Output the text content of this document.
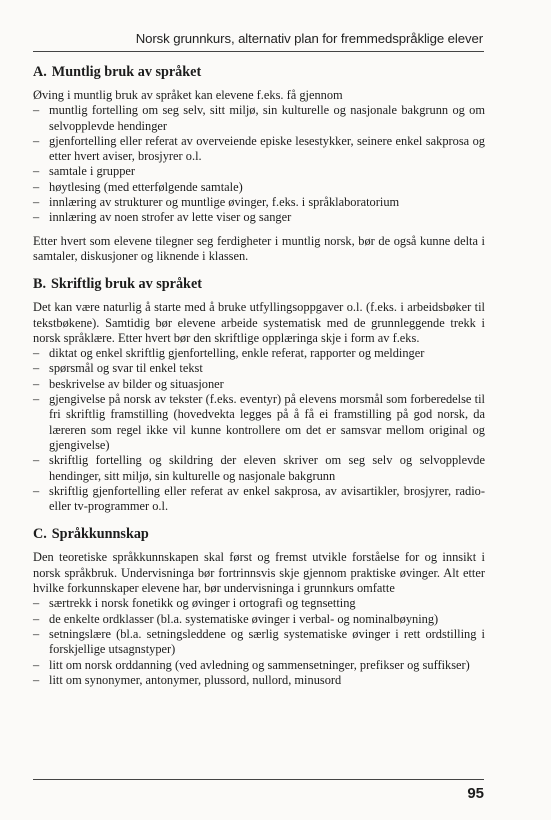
Norsk grunnkurs, alternativ plan for fremmedspråklige elever
A. Muntlig bruk av språket

Øving i muntlig bruk av språket kan elevene f.eks. få gjennom

– muntlig fortelling om seg selv, sitt miljø, sin kulturelle og nasjonale bakgrunn og om selvopplevde hendinger
– gjenfortelling eller referat av overveiende episke lesestykker, seinere enkel sakprosa og etter hvert aviser, brosjyrer o.l.
– samtale i grupper
– høytlesing (med etterfølgende samtale)
– innlæring av strukturer og muntlige øvinger, f.eks. i språklaboratorium
– innlæring av noen strofer av lette viser og sanger

Etter hvert som elevene tilegner seg ferdigheter i muntlig norsk, bør de også kunne delta i samtaler, diskusjoner og liknende i klassen.

B. Skriftlig bruk av språket

Det kan være naturlig å starte med å bruke utfyllingsoppgaver o.l. (f.eks. i arbeidsbøker til tekstbøkene). Samtidig bør elevene arbeide systematisk med de grunnleggende trekk i norsk språklære. Etter hvert bør den skriftlige opplæringa skje i form av f.eks.

– diktat og enkel skriftlig gjenfortelling, enkle referat, rapporter og meldinger
– spørsmål og svar til enkel tekst
– beskrivelse av bilder og situasjoner
– gjengivelse på norsk av tekster (f.eks. eventyr) på elevens morsmål som forberedelse til fri skriftlig framstilling (hovedvekta legges på å få ei framstilling på god norsk, da læreren som regel ikke vil kunne kontrollere om det er samsvar mellom original og gjengivelse)
– skriftlig fortelling og skildring der eleven skriver om seg selv og selvopplevde hendinger, sitt miljø, sin kulturelle og nasjonale bakgrunn
– skriftlig gjenfortelling eller referat av enkel sakprosa, av avisartikler, brosjyrer, radio- eller tv-programmer o.l.
C. Språkkunnskap

Den teoretiske språkkunnskapen skal først og fremst utvikle forståelse for og innsikt i norsk språkbruk. Undervisninga bør fortrinnsvis skje gjennom praktiske øvinger. Alt etter hvilke forkunnskaper elevene har, bør undervisninga i grunnkurs omfatte

– særtrekk i norsk fonetikk og øvinger i ortografi og tegnsetting
– de enkelte ordklasser (bl.a. systematiske øvinger i verbal- og nominalbøyning)
– setningslære (bl.a. setningsleddene og særlig systematiske øvinger i rett ordstilling i forskjellige utsagnstyper)
– litt om norsk orddanning (ved avledning og sammensetninger, prefikser og suffikser)
– litt om synonymer, antonymer, plussord, nullord, minusord
95
